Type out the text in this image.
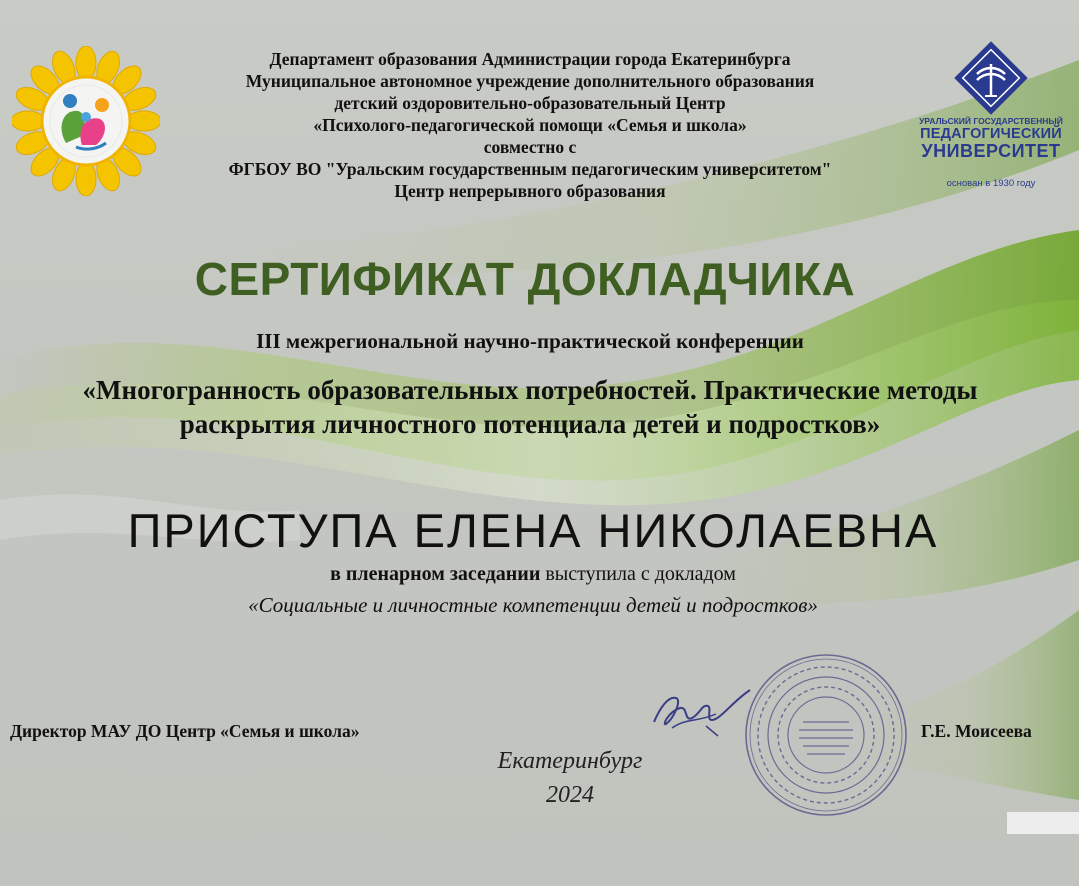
Департамент образования Администрации города Екатеринбурга
Муниципальное автономное учреждение дополнительного образования
детский оздоровительно-образовательный Центр
«Психолого-педагогической помощи «Семья и школа»
совместно с
ФГБОУ ВО "Уральским государственным педагогическим университетом"
Центр непрерывного образования
УРАЛЬСКИЙ ГОСУДАРСТВЕННЫЙ
ПЕДАГОГИЧЕСКИЙ
УНИВЕРСИТЕТ
основан в 1930 году
СЕРТИФИКАТ ДОКЛАДЧИКА
III межрегиональной научно-практической конференции
«Многогранность образовательных потребностей. Практические методы
раскрытия личностного потенциала детей и подростков»
ПРИСТУПА ЕЛЕНА НИКОЛАЕВНА
в пленарном заседании выступила с докладом
«Социальные и личностные компетенции детей и подростков»
Директор МАУ ДО Центр «Семья и школа»	Г.Е. Моисеева
Екатеринбург
2024
